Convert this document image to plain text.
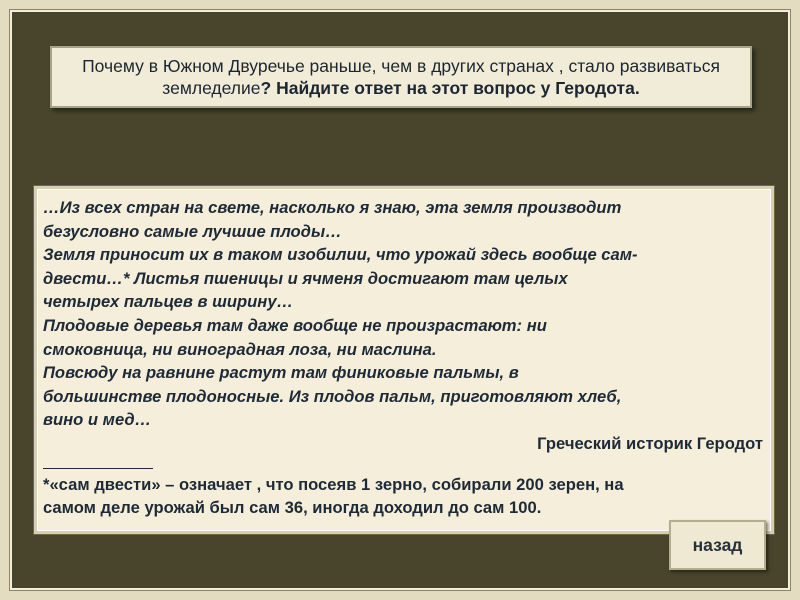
Почему в Южном Двуречье раньше, чем в других странах , стало развиваться земледелие? Найдите ответ на этот вопрос у Геродота.

…Из всех стран на свете, насколько я знаю, эта земля производит

безусловно самые лучшие плоды…

Земля приносит их в таком изобилии, что урожай здесь вообще сам-

двести…* Листья пшеницы и ячменя достигают там целых

четырех пальцев в ширину…

Плодовые деревья там даже вообще не произрастают: ни

смоковница, ни виноградная лоза, ни маслина.

Повсюду на равнине растут там финиковые пальмы, в

большинстве плодоносные. Из плодов пальм, приготовляют хлеб,

вино и мед…

Греческий историк Геродот

*«сам двести» – означает , что посеяв 1 зерно, собирали 200 зерен, на

самом деле урожай был сам 36, иногда доходил до сам 100.

назад
